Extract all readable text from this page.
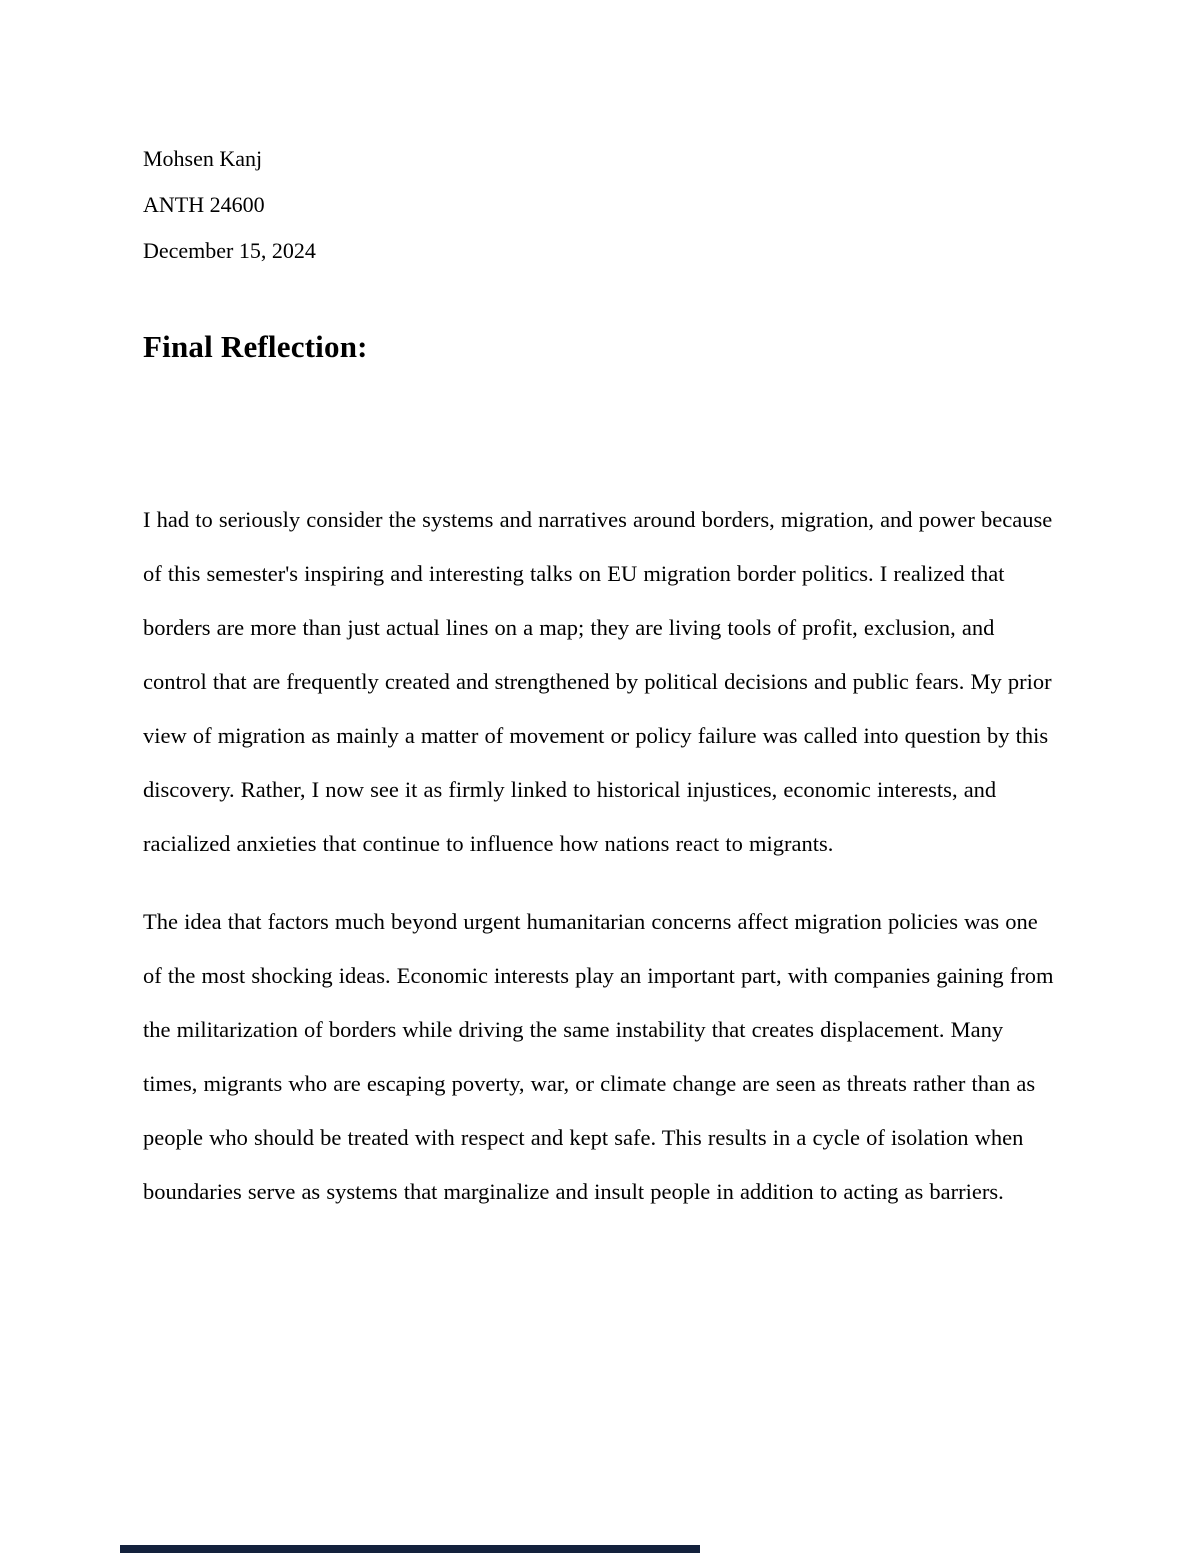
Mohsen Kanj

ANTH 24600

December 15, 2024

Final Reflection:

I had to seriously consider the systems and narratives around borders, migration, and power because of this semester's inspiring and interesting talks on EU migration border politics. I realized that borders are more than just actual lines on a map; they are living tools of profit, exclusion, and control that are frequently created and strengthened by political decisions and public fears. My prior view of migration as mainly a matter of movement or policy failure was called into question by this discovery. Rather, I now see it as firmly linked to historical injustices, economic interests, and racialized anxieties that continue to influence how nations react to migrants.

The idea that factors much beyond urgent humanitarian concerns affect migration policies was one of the most shocking ideas. Economic interests play an important part, with companies gaining from the militarization of borders while driving the same instability that creates displacement. Many times, migrants who are escaping poverty, war, or climate change are seen as threats rather than as people who should be treated with respect and kept safe. This results in a cycle of isolation when boundaries serve as systems that marginalize and insult people in addition to acting as barriers.
